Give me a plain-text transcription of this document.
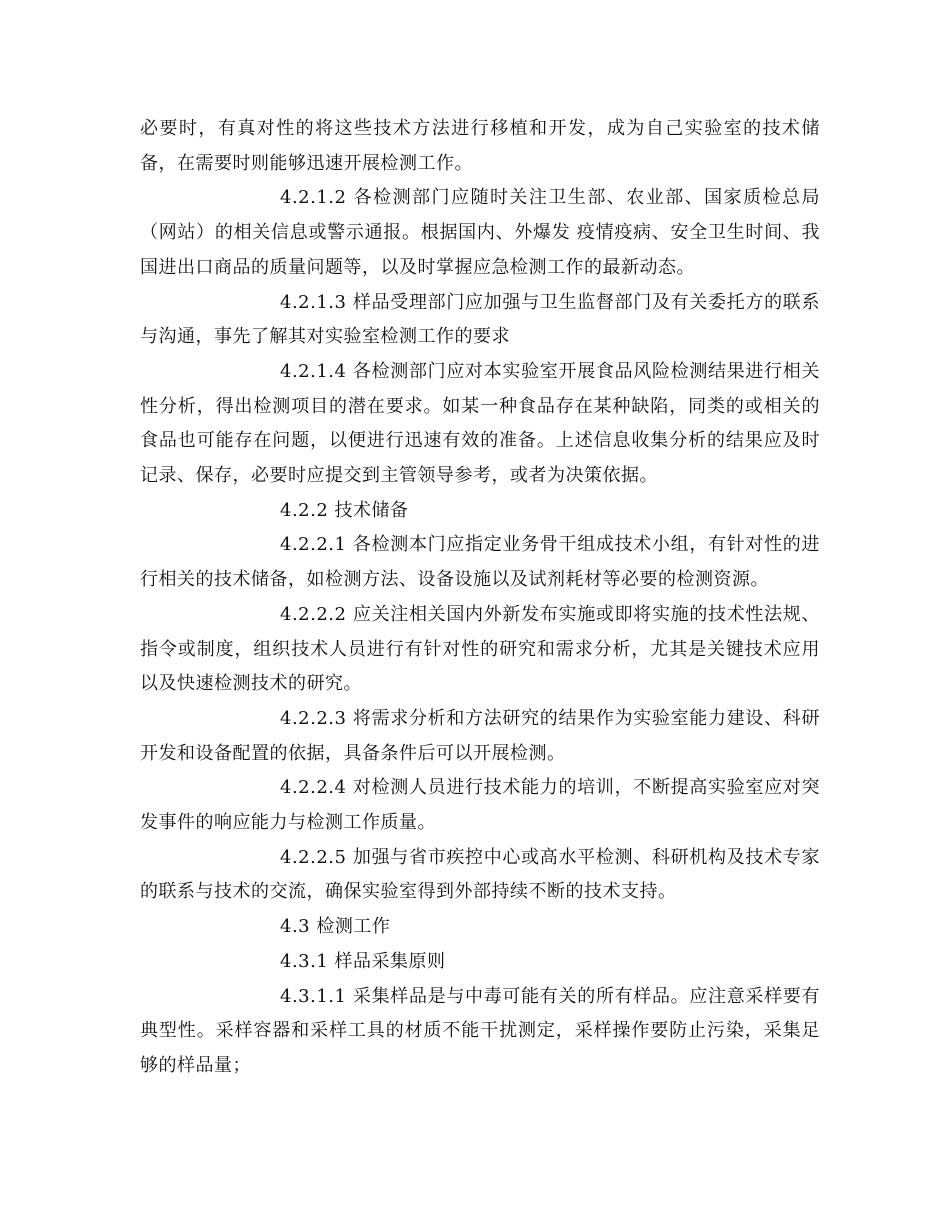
必要时，有真对性的将这些技术方法进行移植和开发，成为自己实验室的技术储备，在需要时则能够迅速开展检测工作。

4.2.1.2 各检测部门应随时关注卫生部、农业部、国家质检总局（网站）的相关信息或警示通报。根据国内、外爆发 疫情疫病、安全卫生时间、我国进出口商品的质量问题等，以及时掌握应急检测工作的最新动态。

4.2.1.3 样品受理部门应加强与卫生监督部门及有关委托方的联系与沟通，事先了解其对实验室检测工作的要求

4.2.1.4 各检测部门应对本实验室开展食品风险检测结果进行相关性分析，得出检测项目的潜在要求。如某一种食品存在某种缺陷，同类的或相关的食品也可能存在问题，以便进行迅速有效的准备。上述信息收集分析的结果应及时记录、保存，必要时应提交到主管领导参考，或者为决策依据。

4.2.2 技术储备

4.2.2.1 各检测本门应指定业务骨干组成技术小组，有针对性的进行相关的技术储备，如检测方法、设备设施以及试剂耗材等必要的检测资源。

4.2.2.2 应关注相关国内外新发布实施或即将实施的技术性法规、指令或制度，组织技术人员进行有针对性的研究和需求分析，尤其是关键技术应用以及快速检测技术的研究。

4.2.2.3 将需求分析和方法研究的结果作为实验室能力建设、科研开发和设备配置的依据，具备条件后可以开展检测。

4.2.2.4 对检测人员进行技术能力的培训，不断提高实验室应对突发事件的响应能力与检测工作质量。

4.2.2.5 加强与省市疾控中心或高水平检测、科研机构及技术专家的联系与技术的交流，确保实验室得到外部持续不断的技术支持。

4.3 检测工作

4.3.1 样品采集原则

4.3.1.1 采集样品是与中毒可能有关的所有样品。应注意采样要有典型性。采样容器和采样工具的材质不能干扰测定，采样操作要防止污染，采集足够的样品量；
